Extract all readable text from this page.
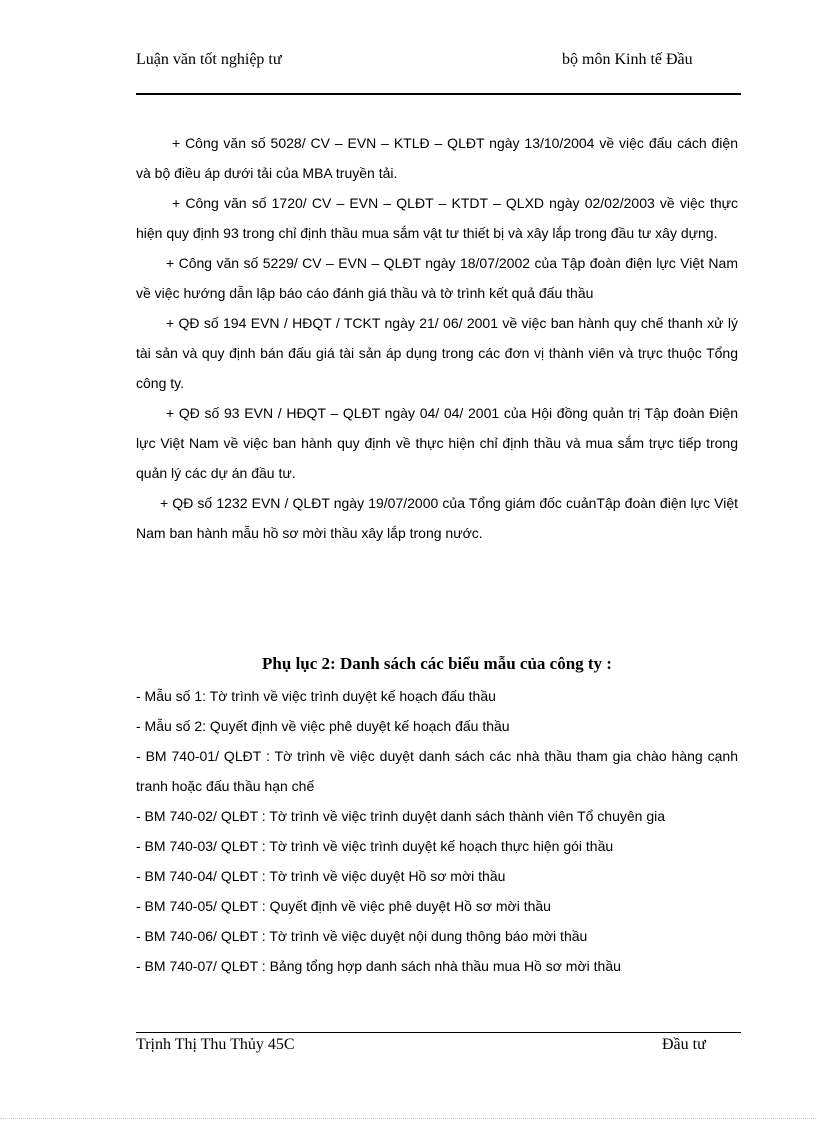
Luận văn tốt nghiệp tư	bộ môn Kinh tế Đầu

+ Công văn số 5028/ CV – EVN – KTLĐ – QLĐT ngày 13/10/2004 về việc đấu cách điện và bộ điều áp dưới tải của MBA truyền tải.

+ Công văn số 1720/ CV – EVN – QLĐT – KTDT – QLXD ngày 02/02/2003 về việc thực hiện quy định 93 trong chỉ định thầu mua sắm vật tư thiết bị và xây lắp trong đầu tư xây dựng.

+ Công văn số 5229/ CV – EVN – QLĐT ngày 18/07/2002 của Tập đoàn điện lực Việt Nam về việc hướng dẫn lập báo cáo đánh giá thầu và tờ trình kết quả đấu thầu

+ QĐ số 194 EVN / HĐQT / TCKT ngày 21/ 06/ 2001 về việc ban hành quy chế thanh xử lý tài sản và quy định bán đấu giá tài sản áp dụng trong các đơn vị thành viên và trực thuộc Tổng công ty.

+ QĐ số 93 EVN / HĐQT – QLĐT ngày 04/ 04/ 2001 của Hội đồng quản trị Tập đoàn Điện lực Việt Nam về việc ban hành quy định về thực hiện chỉ định thầu và mua sắm trực tiếp trong quản lý các dự án đầu tư.

+ QĐ số 1232 EVN / QLĐT ngày 19/07/2000 của Tổng giám đốc cuảnTập đoàn điện lực Việt Nam ban hành mẫu hồ sơ mời thầu xây lắp trong nước.

Phụ lục 2: Danh sách các biểu mẫu của công ty :
- Mẫu số 1: Tờ trình về việc trình duyệt kế hoạch đấu thầu
- Mẫu số 2: Quyết định về việc phê duyệt kế hoạch đấu thầu
- BM 740-01/ QLĐT : Tờ trình về việc duyệt danh sách các nhà thầu tham gia chào hàng cạnh tranh hoặc đấu thầu hạn chế
- BM 740-02/ QLĐT : Tờ trình về việc trình duyệt danh sách thành viên Tổ chuyên gia
- BM 740-03/ QLĐT : Tờ trình về việc trình duyệt kế hoạch thực hiện gói thầu
- BM 740-04/ QLĐT : Tờ trình về việc duyệt Hồ sơ mời thầu
- BM 740-05/ QLĐT : Quyết định về việc phê duyệt Hồ sơ mời thầu
- BM 740-06/ QLĐT : Tờ trình về việc duyệt nội dung thông báo mời thầu
- BM 740-07/ QLĐT : Bảng tổng hợp danh sách nhà thầu mua Hồ sơ mời thầu
Trịnh Thị Thu Thủy 45C	Đầu tư
